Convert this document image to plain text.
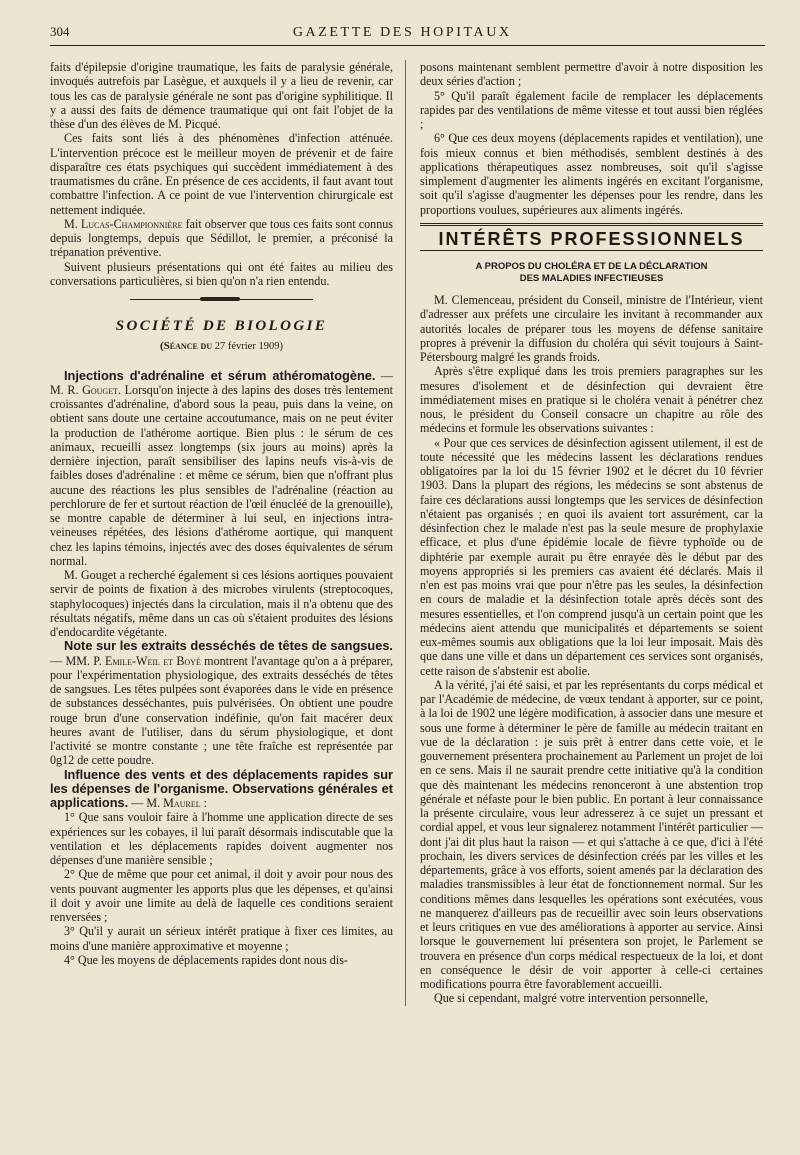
304	GAZETTE DES HOPITAUX

faits d'épilepsie d'origine traumatique, les faits de paralysie générale, invoqués autrefois par Lasègue, et auxquels il y a lieu de revenir, car tous les cas de paralysie générale ne sont pas d'origine syphilitique. Il y a aussi des faits de démence traumatique qui ont fait l'objet de la thèse d'un des élèves de M. Picqué.

Ces faits sont liés à des phénomènes d'infection atténuée. L'intervention précoce est le meilleur moyen de prévenir et de faire disparaître ces états psychiques qui succèdent immédiatement à des traumatismes du crâne. En présence de ces accidents, il faut avant tout combattre l'infection. A ce point de vue l'intervention chirurgicale est nettement indiquée.

M. Lucas-Championnière fait observer que tous ces faits sont connus depuis longtemps, depuis que Sédillot, le premier, a préconisé la trépanation préventive.

Suivent plusieurs présentations qui ont été faites au milieu des conversations particulières, si bien qu'on n'a rien entendu.

SOCIÉTÉ DE BIOLOGIE
(Séance du 27 février 1909)

Injections d'adrénaline et sérum athéromatogène. — M. R. Gouget. Lorsqu'on injecte à des lapins des doses très lentement croissantes d'adrénaline, d'abord sous la peau, puis dans la veine, on obtient sans doute une certaine accoutumance, mais on ne peut éviter la production de l'athérome aortique. Bien plus : le sérum de ces animaux, recueilli assez longtemps (six jours au moins) après la dernière injection, paraît sensibiliser des lapins neufs vis-à-vis de faibles doses d'adrénaline : et même ce sérum, bien que n'offrant plus aucune des réactions les plus sensibles de l'adrénaline (réaction au perchlorure de fer et surtout réaction de l'œil énucléé de la grenouille), se montre capable de déterminer à lui seul, en injections intra-veineuses répétées, des lésions d'athérome aortique, qui manquent chez les lapins témoins, injectés avec des doses équivalentes de sérum normal.

M. Gouget a recherché également si ces lésions aortiques pouvaient servir de points de fixation à des microbes virulents (streptocoques, staphylocoques) injectés dans la circulation, mais il n'a obtenu que des résultats négatifs, même dans un cas où s'étaient produites des lésions d'endocardite végétante.

Note sur les extraits desséchés de têtes de sangsues. — MM. P. Emile-Weil et Boyé montrent l'avantage qu'on a à préparer, pour l'expérimentation physiologique, des extraits desséchés de têtes de sangsues. Les têtes pulpées sont évaporées dans le vide en présence de substances desséchantes, puis pulvérisées. On obtient une poudre rouge brun d'une conservation indéfinie, qu'on fait macérer deux heures avant de l'utiliser, dans du sérum physiologique, et dont l'activité se montre constante ; une tête fraîche est représentée par 0g12 de cette poudre.

Influence des vents et des déplacements rapides sur les dépenses de l'organisme. Observations générales et applications. — M. Maurel :

1° Que sans vouloir faire à l'homme une application directe de ses expériences sur les cobayes, il lui paraît désormais indiscutable que la ventilation et les déplacements rapides doivent augmenter nos dépenses d'une manière sensible ;

2° Que de même que pour cet animal, il doit y avoir pour nous des vents pouvant augmenter les apports plus que les dépenses, et qu'ainsi il doit y avoir une limite au delà de laquelle ces conditions seraient renversées ;

3° Qu'il y aurait un sérieux intérêt pratique à fixer ces limites, au moins d'une manière approximative et moyenne ;

4° Que les moyens de déplacements rapides dont nous dis-

posons maintenant semblent permettre d'avoir à notre disposition les deux séries d'action ;

5° Qu'il paraît également facile de remplacer les déplacements rapides par des ventilations de même vitesse et tout aussi bien réglées ;

6° Que ces deux moyens (déplacements rapides et ventilation), une fois mieux connus et bien méthodisés, semblent destinés à des applications thérapeutiques assez nombreuses, soit qu'il s'agisse simplement d'augmenter les aliments ingérés en excitant l'organisme, soit qu'il s'agisse d'augmenter les dépenses pour les rendre, dans les proportions voulues, supérieures aux aliments ingérés.

INTÉRÊTS PROFESSIONNELS
A PROPOS DU CHOLÉRA ET DE LA DÉCLARATION
DES MALADIES INFECTIEUSES

M. Clemenceau, président du Conseil, ministre de l'Intérieur, vient d'adresser aux préfets une circulaire les invitant à recommander aux autorités locales de préparer tous les moyens de défense sanitaire propres à prévenir la diffusion du choléra qui sévit toujours à Saint-Pétersbourg malgré les grands froids.

Après s'être expliqué dans les trois premiers paragraphes sur les mesures d'isolement et de désinfection qui devraient être immédiatement mises en pratique si le choléra venait à pénétrer chez nous, le président du Conseil consacre un chapitre au rôle des médecins et formule les observations suivantes :

« Pour que ces services de désinfection agissent utilement, il est de toute nécessité que les médecins lassent les déclarations rendues obligatoires par la loi du 15 février 1902 et le décret du 10 février 1903. Dans la plupart des régions, les médecins se sont abstenus de faire ces déclarations aussi longtemps que les services de désinfection n'étaient pas organisés ; en quoi ils avaient tort assurément, car la désinfection chez le malade n'est pas la seule mesure de prophylaxie efficace, et plus d'une épidémie locale de fièvre typhoïde ou de diphtérie par exemple aurait pu être enrayée dès le début par des moyens appropriés si les premiers cas avaient été déclarés. Mais il n'en est pas moins vrai que pour n'être pas les seules, la désinfection en cours de maladie et la désinfection totale après décès sont des mesures essentielles, et l'on comprend jusqu'à un certain point que les médecins aient attendu que municipalités et départements se soient eux-mêmes soumis aux obligations que la loi leur imposait. Mais dès que dans une ville et dans un département ces services sont organisés, cette raison de s'abstenir est abolie.

A la vérité, j'ai été saisi, et par les représentants du corps médical et par l'Académie de médecine, de vœux tendant à apporter, sur ce point, à la loi de 1902 une légère modification, à associer dans une mesure et sous une forme à déterminer le père de famille au médecin traitant en vue de la déclaration : je suis prêt à entrer dans cette voie, et le gouvernement présentera prochainement au Parlement un projet de loi en ce sens. Mais il ne saurait prendre cette initiative qu'à la condition que dès maintenant les médecins renonceront à une abstention trop générale et néfaste pour le bien public. En portant à leur connaissance la présente circulaire, vous leur adresserez à ce sujet un pressant et cordial appel, et vous leur signalerez notamment l'intérêt particulier — dont j'ai dit plus haut la raison — et qui s'attache à ce que, d'ici à l'été prochain, les divers services de désinfection créés par les villes et les départements, grâce à vos efforts, soient amenés par la déclaration des maladies transmissibles à leur état de fonctionnement normal. Sur les conditions mêmes dans lesquelles les opérations sont exécutées, vous ne manquerez d'ailleurs pas de recueillir avec soin leurs observations et leurs critiques en vue des améliorations à apporter au service. Ainsi lorsque le gouvernement lui présentera son projet, le Parlement se trouvera en présence d'un corps médical respectueux de la loi, et dont en conséquence le désir de voir apporter à celle-ci certaines modifications pourra être favorablement accueilli.

Que si cependant, malgré votre intervention personnelle,
